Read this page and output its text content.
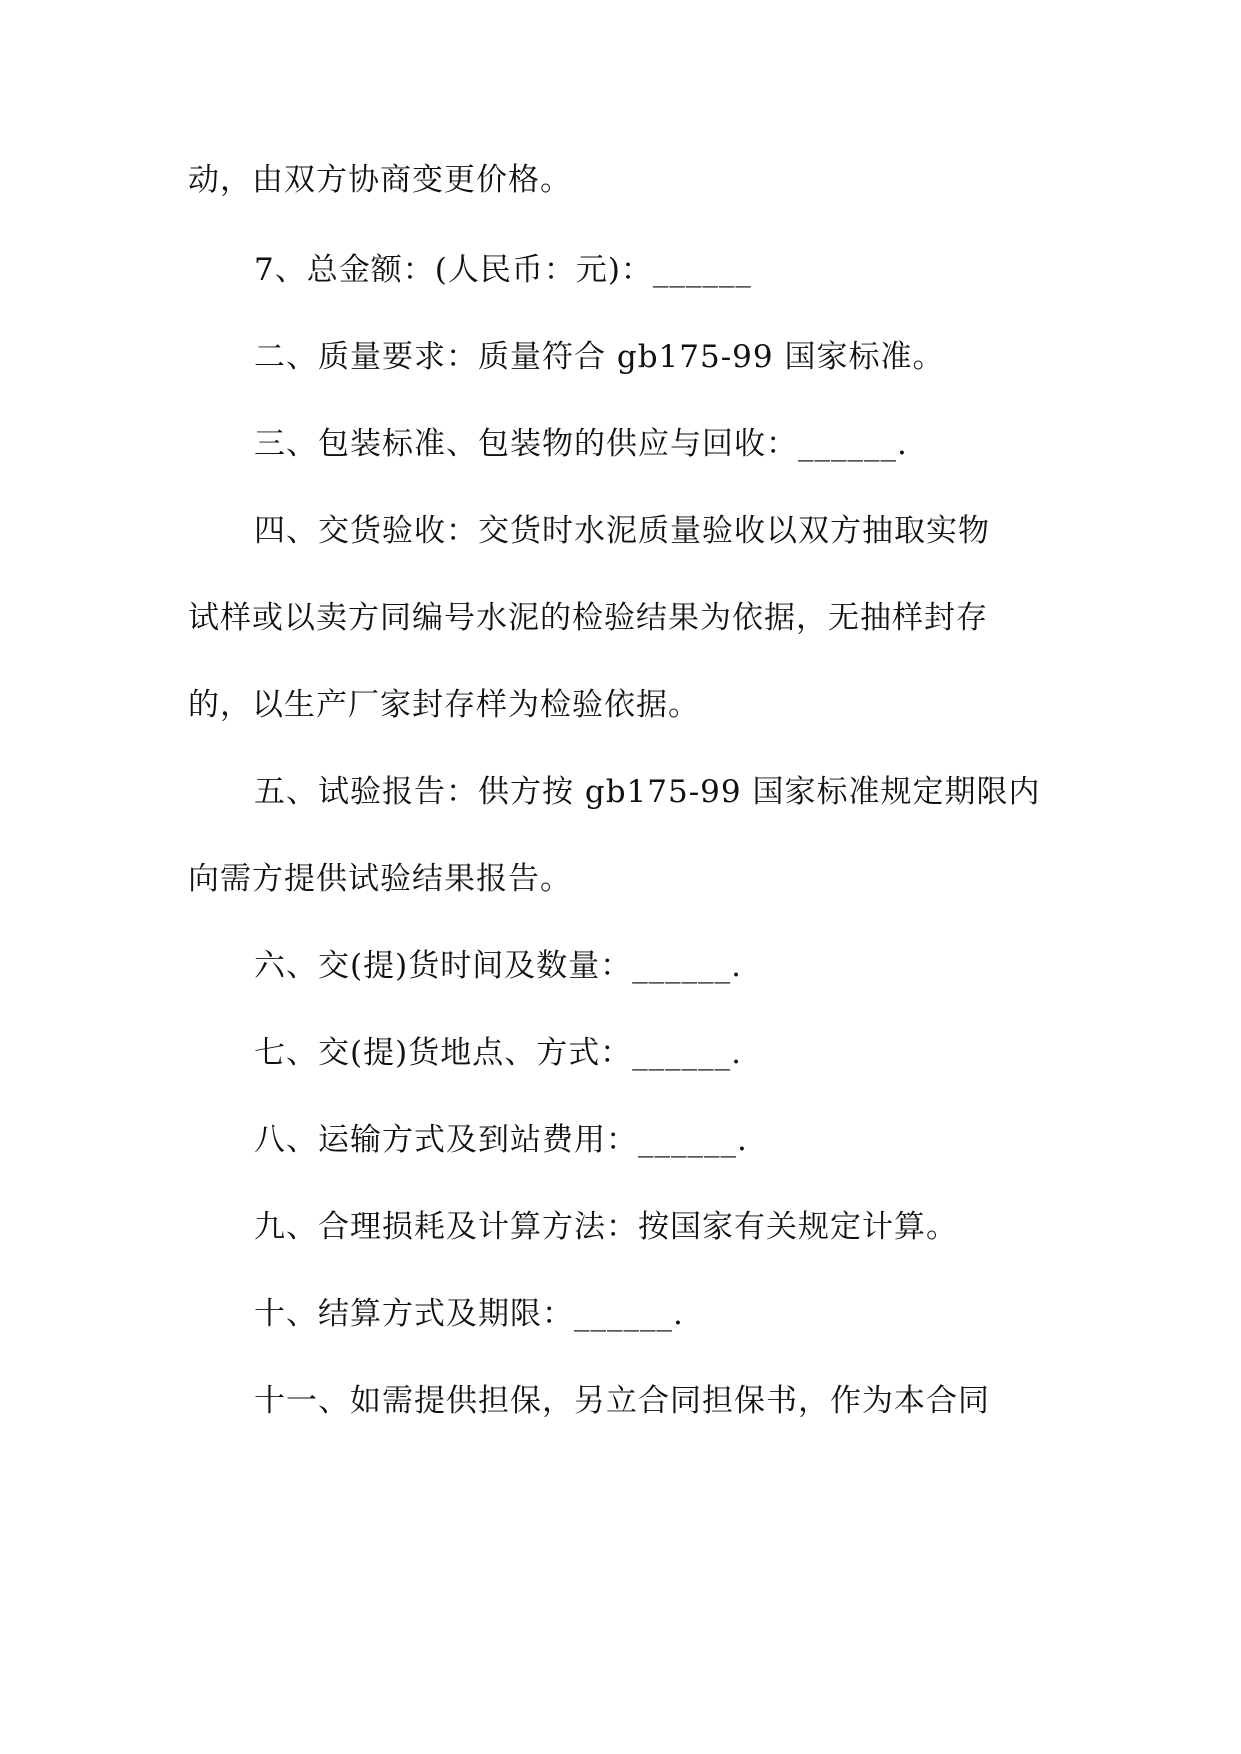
动，由双方协商变更价格。

7、总金额：(人民币：元)：______

二、质量要求：质量符合 gb175-99 国家标准。

三、包装标准、包装物的供应与回收：______.

四、交货验收：交货时水泥质量验收以双方抽取实物

试样或以卖方同编号水泥的检验结果为依据，无抽样封存

的，以生产厂家封存样为检验依据。

五、试验报告：供方按 gb175-99 国家标准规定期限内

向需方提供试验结果报告。

六、交(提)货时间及数量：______.

七、交(提)货地点、方式：______.

八、运输方式及到站费用：______.

九、合理损耗及计算方法：按国家有关规定计算。

十、结算方式及期限：______.

十一、如需提供担保，另立合同担保书，作为本合同
